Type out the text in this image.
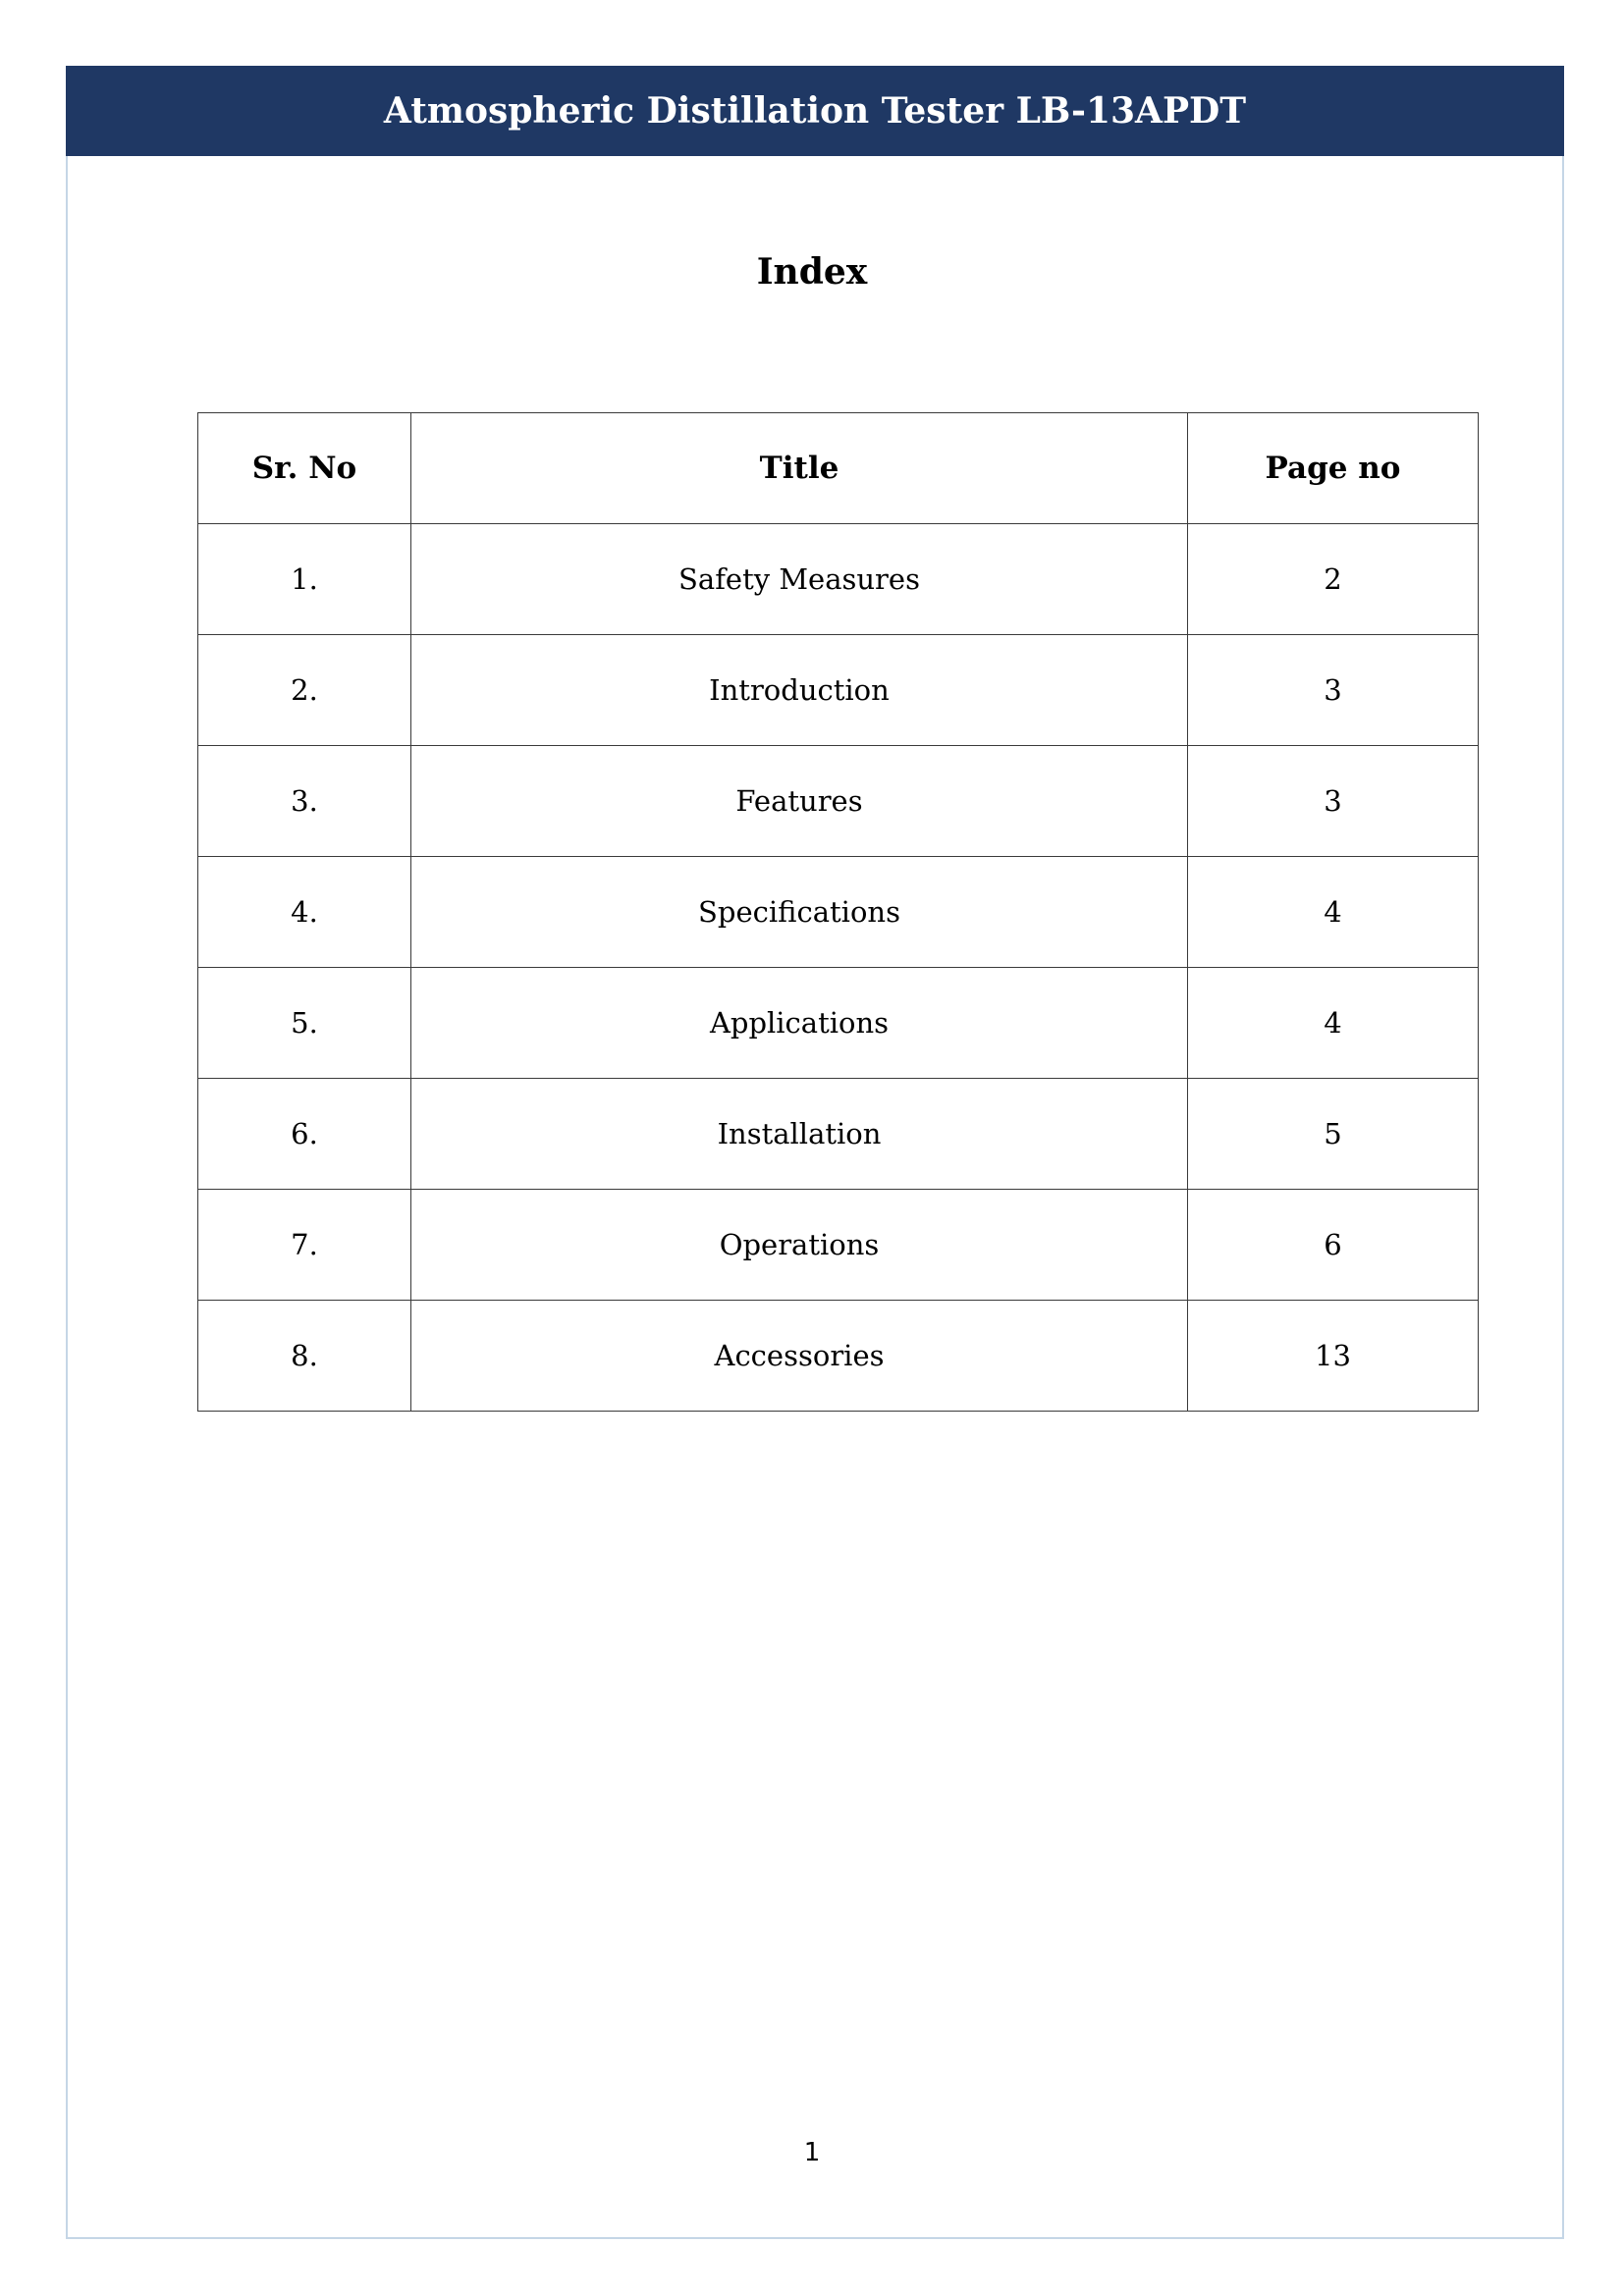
Atmospheric Distillation Tester LB-13APDT
Index
Sr. No	Title	Page no
1.	Safety Measures	2
2.	Introduction	3
3.	Features	3
4.	Specifications	4
5.	Applications	4
6.	Installation	5
7.	Operations	6
8.	Accessories	13
1
